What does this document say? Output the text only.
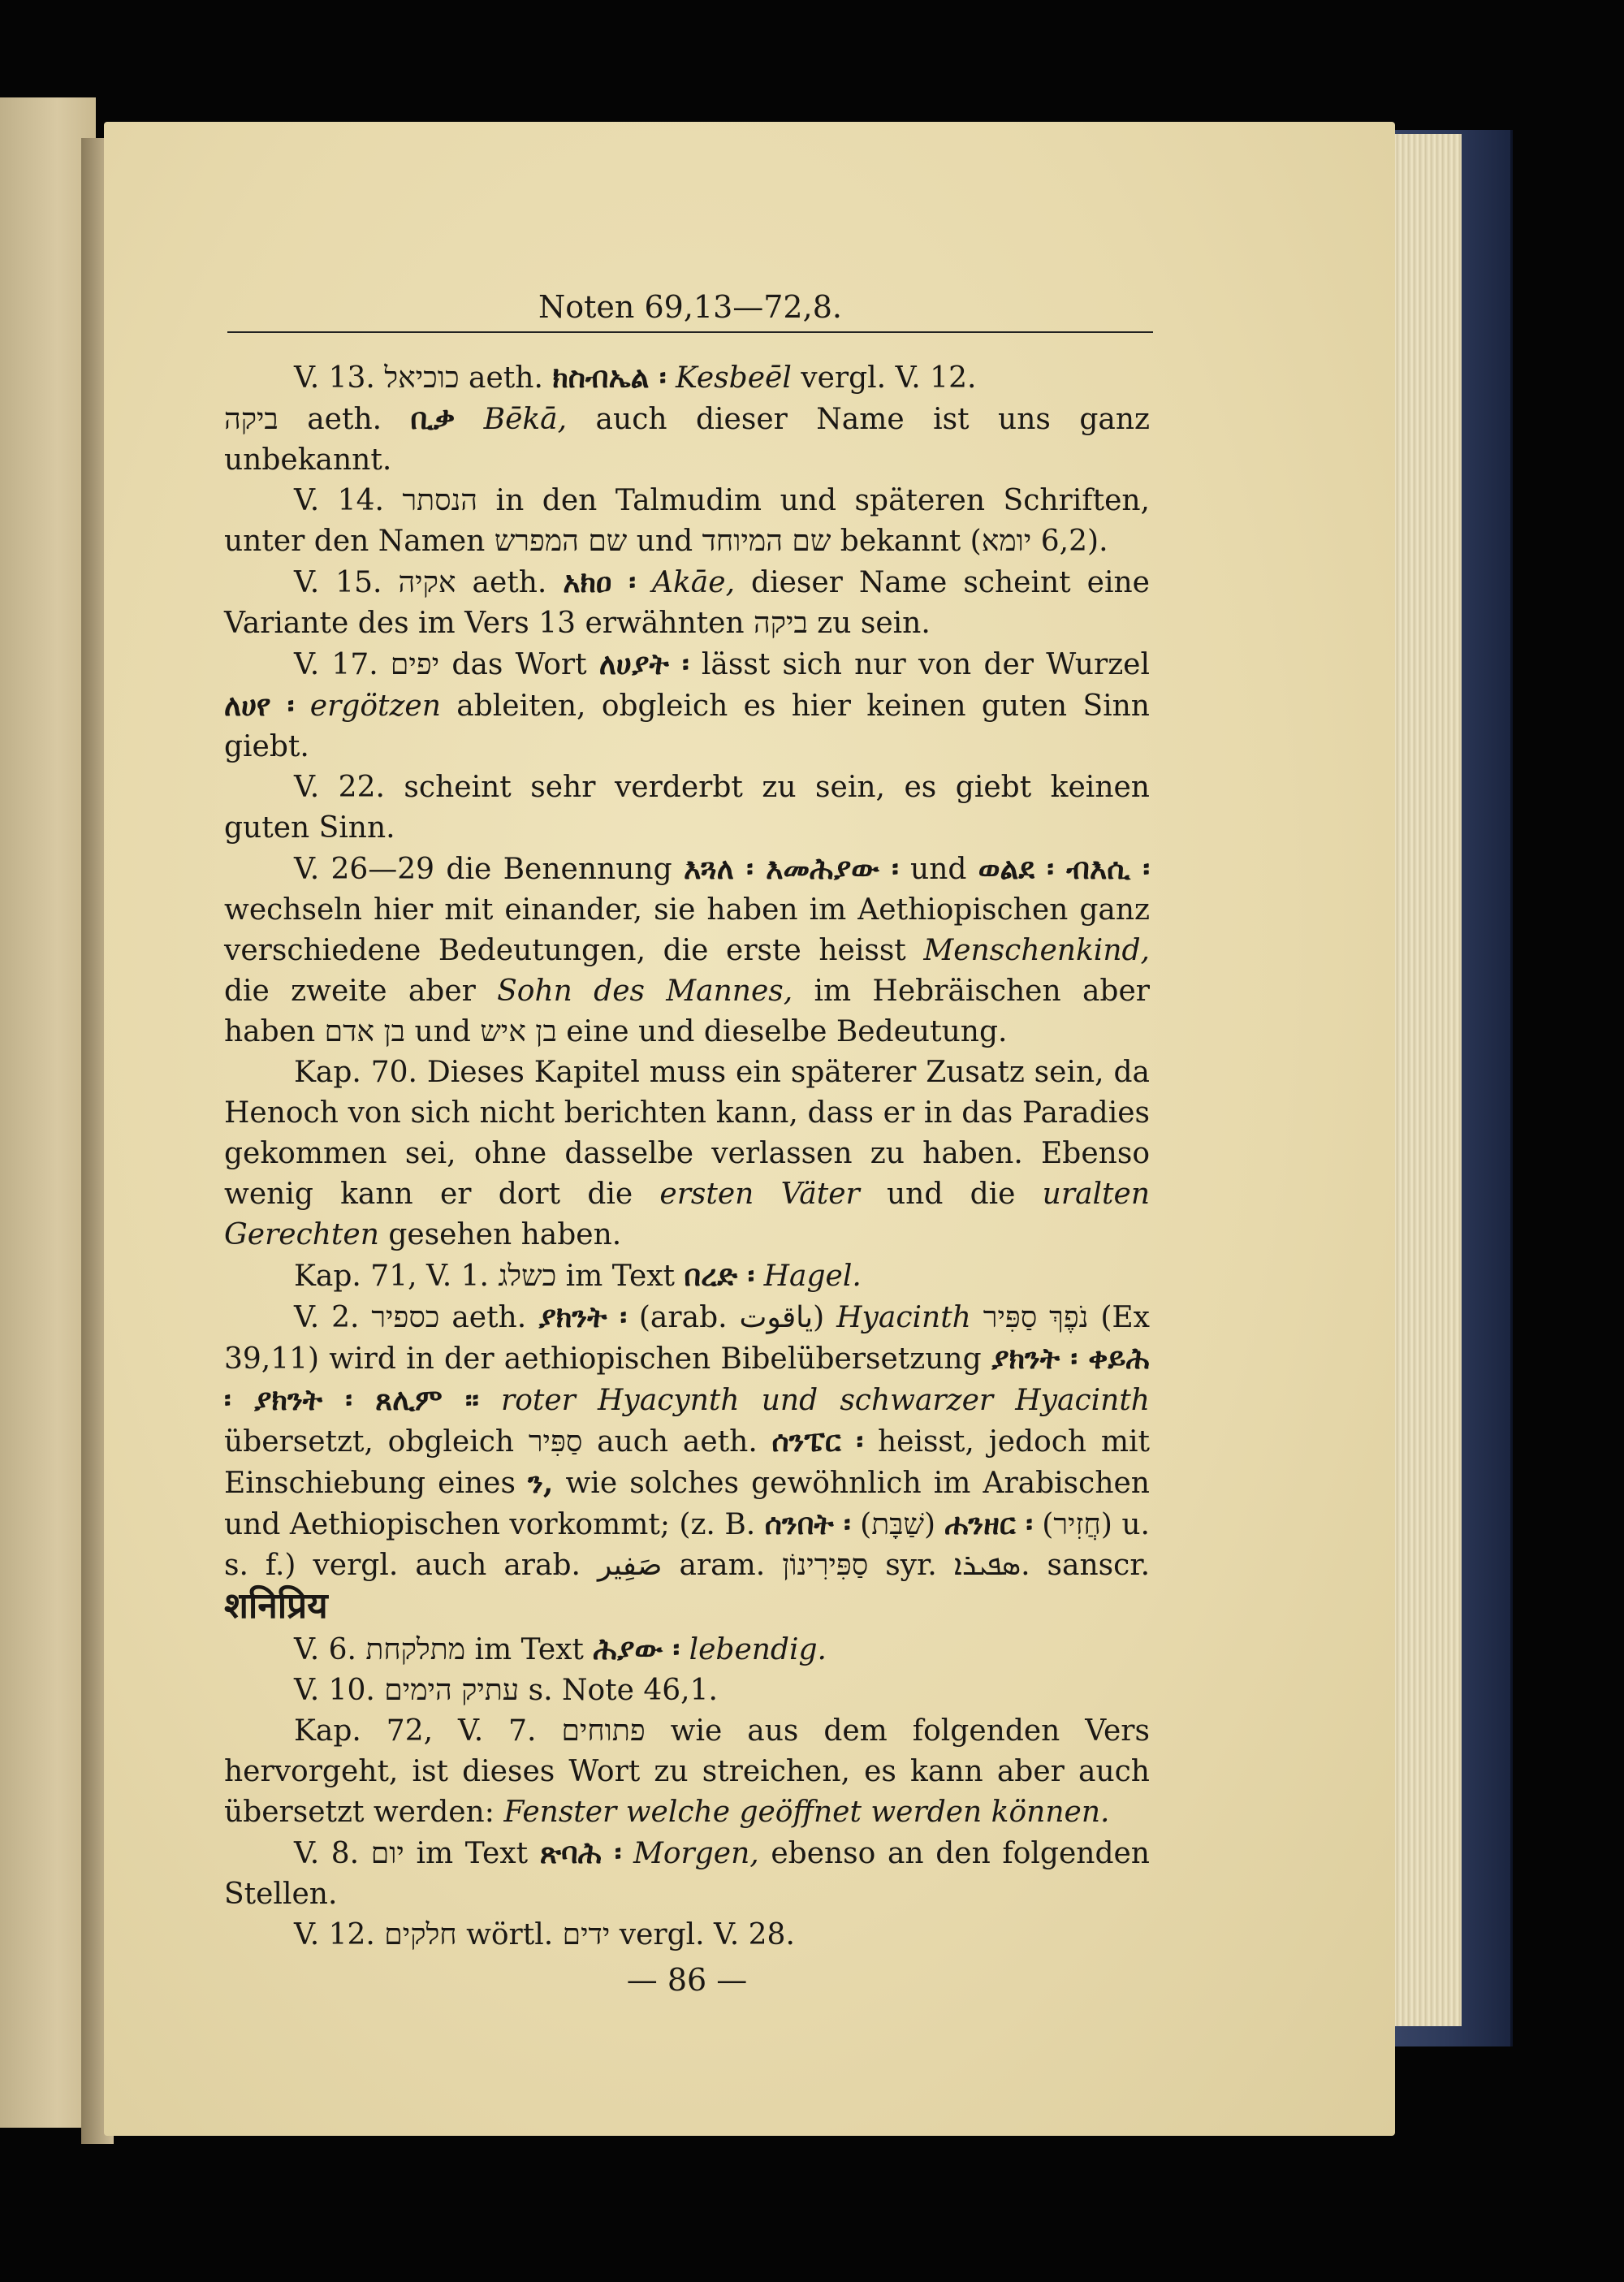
Noten 69,13—72,8.

V. 13. כוכיאל aeth. ክስብኤል ፡ Kesbeēl vergl. V. 12.

ביקה aeth. ቢቃ Bēkā, auch dieser Name ist uns ganz unbekannt.

V. 14. הנסתר in den Talmudim und späteren Schriften, unter den Namen שם המפרש und שם המיוחד bekannt (יומא 6,2).

V. 15. אקיה aeth. አክዐ ፡ Akāe, dieser Name scheint eine Variante des im Vers 13 erwähnten ביקה zu sein.

V. 17. יפים das Wort ለሀያት ፡ lässt sich nur von der Wurzel ለሀየ ፡ ergötzen ableiten, obgleich es hier keinen guten Sinn giebt.

V. 22. scheint sehr verderbt zu sein, es giebt keinen guten Sinn.

V. 26—29 die Benennung እጓለ ፡ እመሕያው ፡ und ወልደ ፡ ብእሲ ፡ wechseln hier mit einander, sie haben im Aethiopischen ganz verschiedene Bedeutungen, die erste heisst Menschenkind, die zweite aber Sohn des Mannes, im Hebräischen aber haben בן אדם und בן איש eine und dieselbe Bedeutung.

Kap. 70. Dieses Kapitel muss ein späterer Zusatz sein, da Henoch von sich nicht berichten kann, dass er in das Paradies gekommen sei, ohne dasselbe verlassen zu haben. Ebenso wenig kann er dort die ersten Väter und die uralten Gerechten gesehen haben.

Kap. 71, V. 1. כשלג im Text በረድ ፡ Hagel.

V. 2. כספיר aeth. ያክንት ፡ (arab. ياقوت) Hyacinth נֹפֶךְ סַפִּיר (Ex 39,11) wird in der aethiopischen Bibelübersetzung ያክንት ፡ ቀይሕ ፡ ያክንት ፡ ጸሊም ። roter Hyacynth und schwarzer Hyacinth übersetzt, obgleich סַפִּיר auch aeth. ሰንፔር ፡ heisst, jedoch mit Einschiebung eines ን, wie solches gewöhnlich im Arabischen und Aethiopischen vorkommt; (z. B. ሰንበት ፡ (שַׁבָּת) ሐንዘር ፡ (חֲזִיר) u. s. f.) vergl. auch arab. صَفِير aram. סַפִּירִינוֹן syr. ܣܦܝܪܐ. sanscr. शनिप्रिय

V. 6. מתלקחת im Text ሕያው ፡ lebendig.

V. 10. עתיק הימים s. Note 46,1.

Kap. 72, V. 7. פתוחים wie aus dem folgenden Vers hervorgeht, ist dieses Wort zu streichen, es kann aber auch übersetzt werden: Fenster welche geöffnet werden können.

V. 8. יום im Text ጽባሕ ፡ Morgen, ebenso an den folgenden Stellen.

V. 12. חלקים wörtl. ידים vergl. V. 28.

— 86 —
